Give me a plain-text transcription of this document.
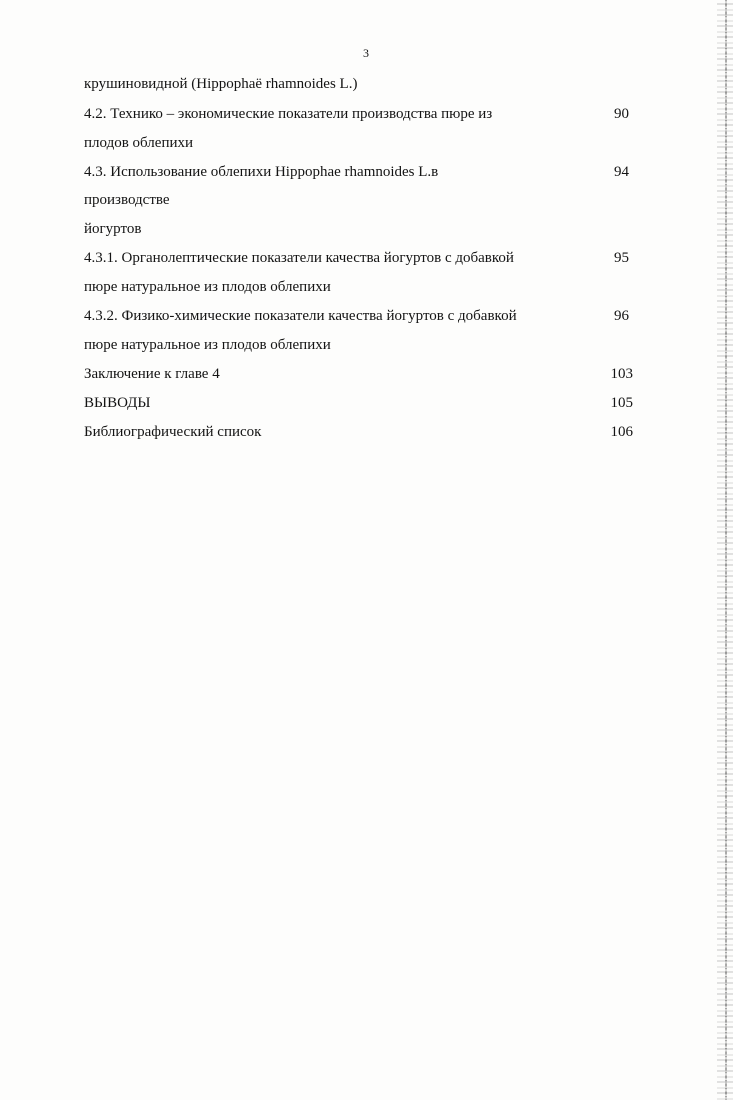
3
крушиновидной (Hippophaë rhamnoides L.)
4.2. Технико – экономические показатели производства пюре из	90
плодов облепихи
4.3. Использование облепихи Hippophae rhamnoides L.в	94
производстве
йогуртов
4.3.1. Органолептические показатели качества йогуртов с добавкой	95
пюре натуральное из плодов облепихи
4.3.2. Физико-химические показатели качества йогуртов с добавкой	96
пюре натуральное из плодов облепихи
Заключение к главе 4	103
ВЫВОДЫ	105
Библиографический список	106
